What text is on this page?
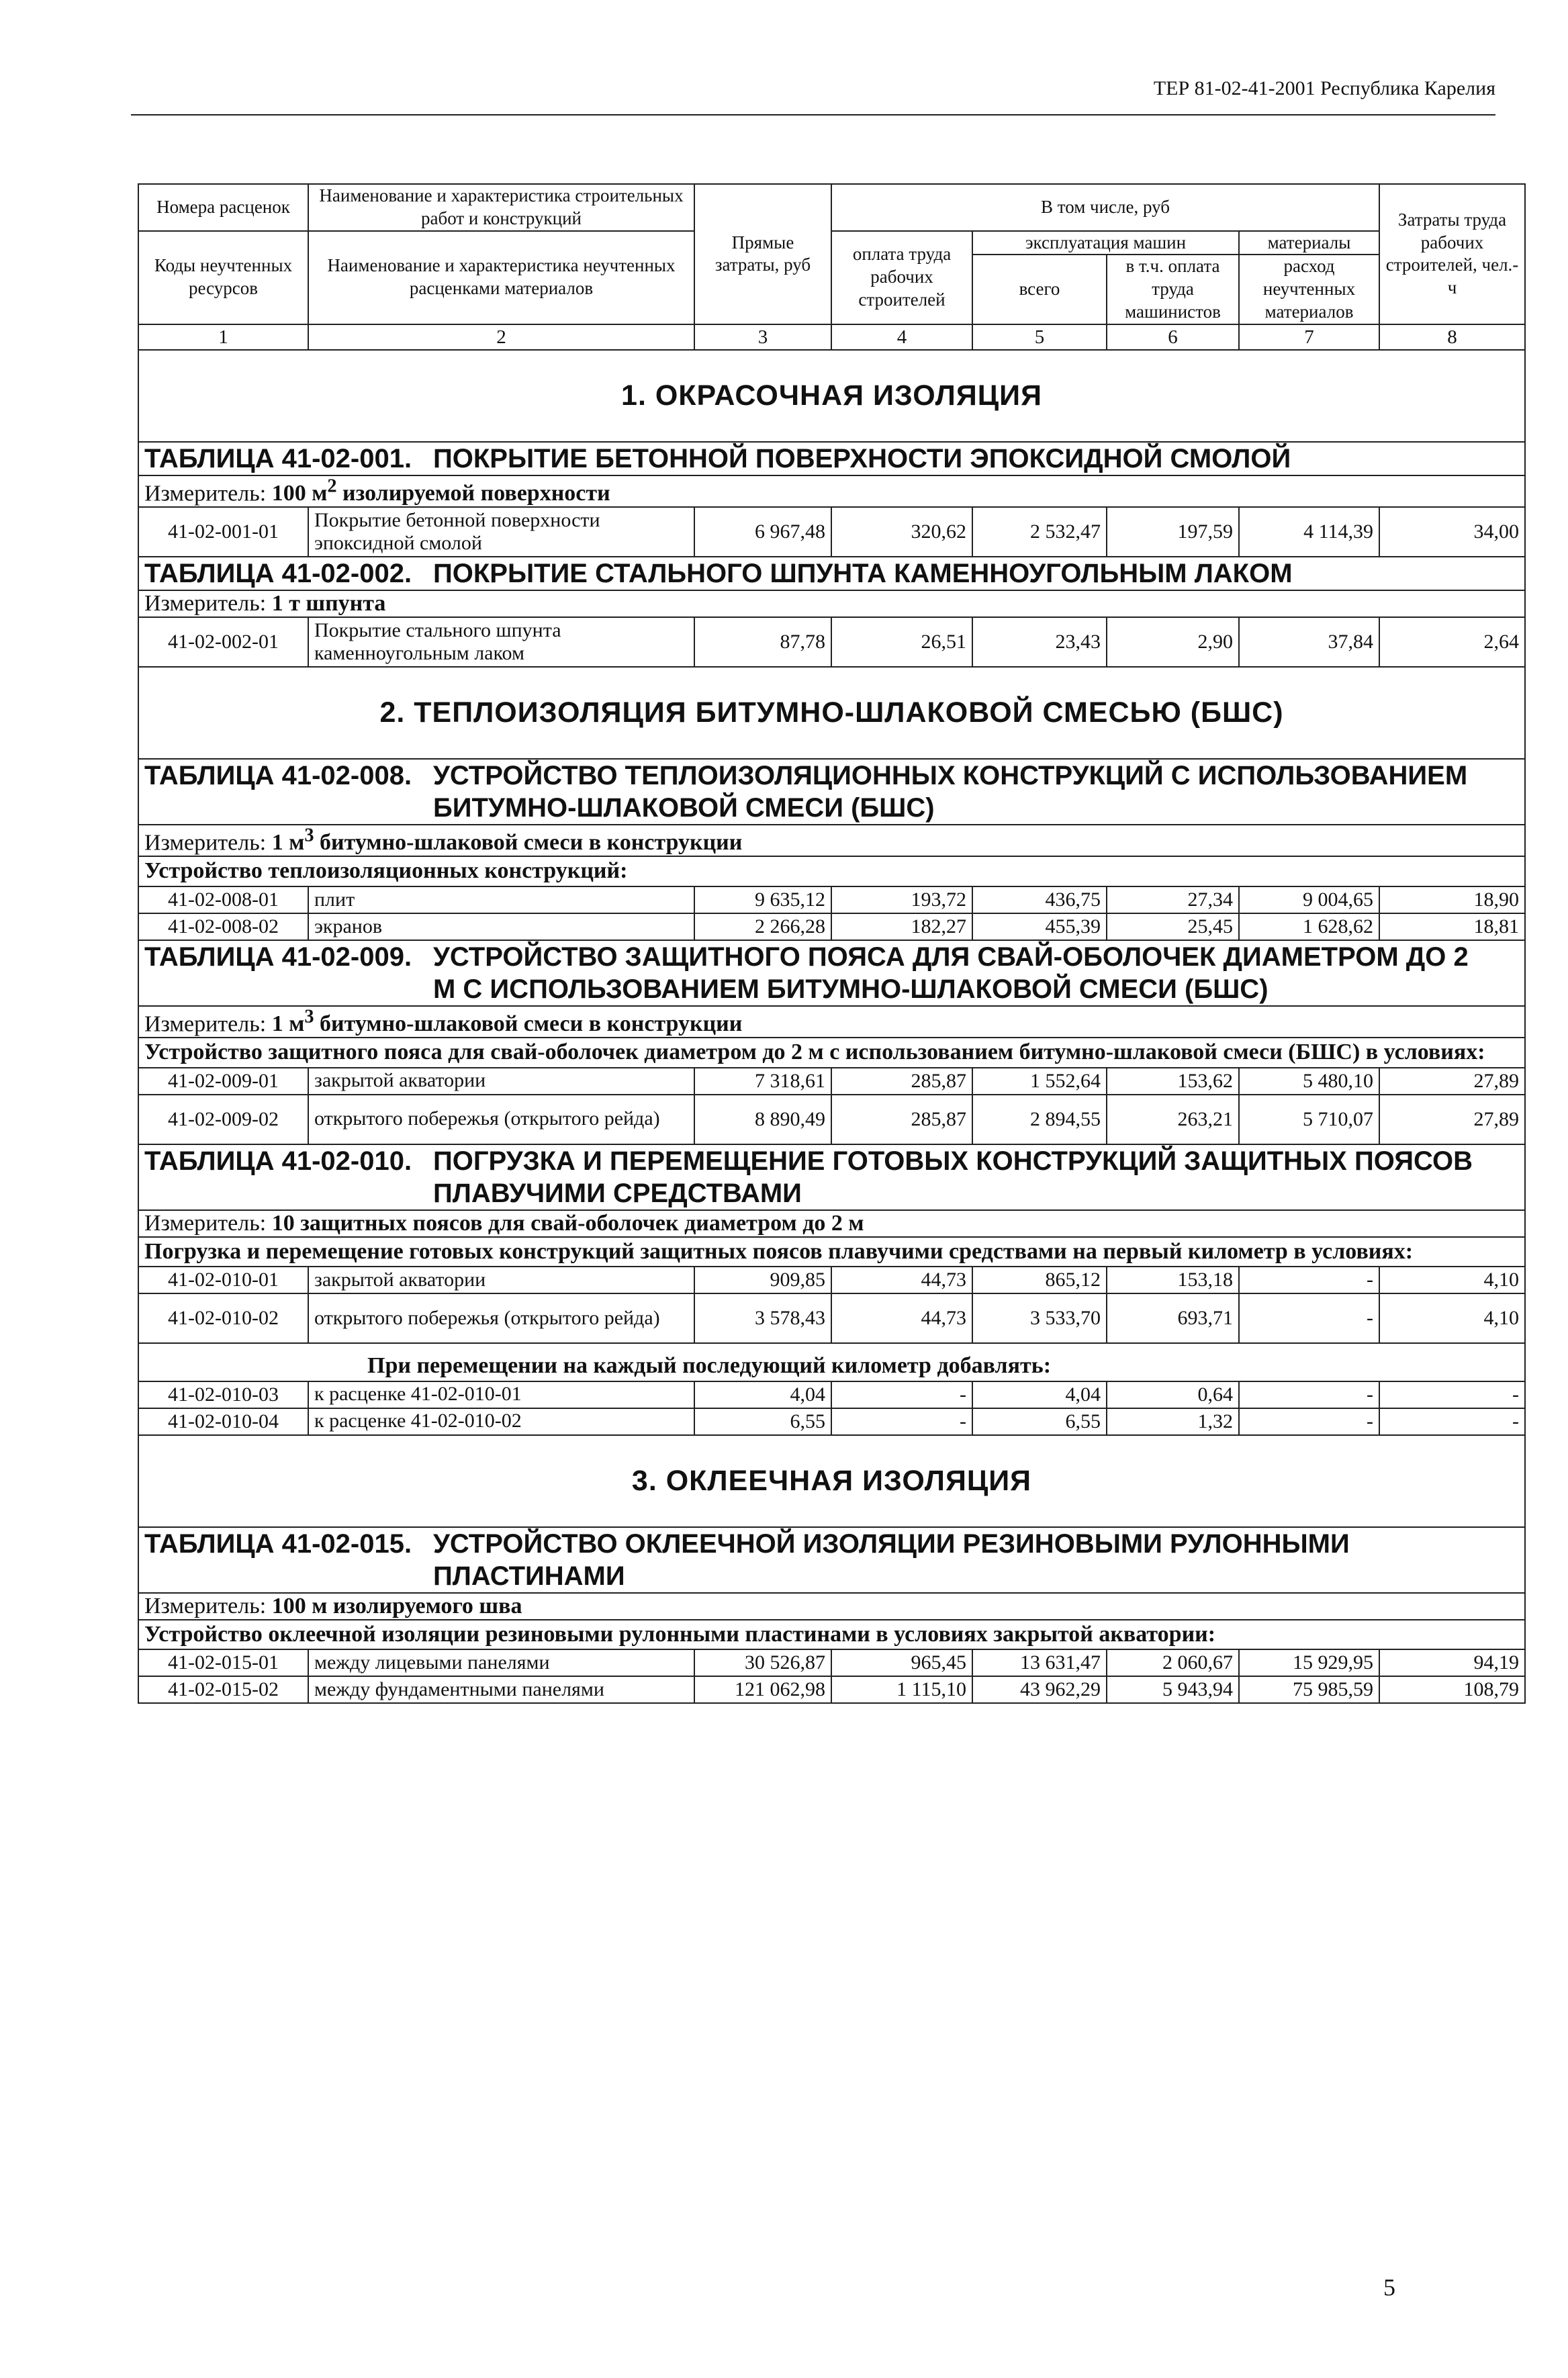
ТЕР 81-02-41-2001 Республика Карелия
Номера расценок	Наименование и характеристика строительных работ и конструкций	Прямые затраты, руб	В том числе, руб				Затраты труда рабочих строителей, чел.-ч
Коды неучтенных ресурсов	Наименование и характеристика неучтенных расценками материалов		оплата труда рабочих строителей	эксплуатация машин		материалы	
				всего	в т.ч. оплата труда машинистов	расход неучтенных материалов	
1	2	3	4	5	6	7	8
1. ОКРАСОЧНАЯ ИЗОЛЯЦИЯ							
ТАБЛИЦА 41-02-001. ПОКРЫТИЕ БЕТОННОЙ ПОВЕРХНОСТИ ЭПОКСИДНОЙ СМОЛОЙ							
Измеритель: 100 $м^2$ изолируемой поверхности							
41-02-001-01	Покрытие бетонной поверхности эпоксидной смолой	6 967,48	320,62	2 532,47	197,59	4 114,39	34,00
ТАБЛИЦА 41-02-002. ПОКРЫТИЕ СТАЛЬНОГО ШПУНТА КАМЕННОУГОЛЬНЫМ ЛАКОМ							
Измеритель: 1 т шпунта							
41-02-002-01	Покрытие стального шпунта каменноугольным лаком	87,78	26,51	23,43	2,90	37,84	2,64
2. ТЕПЛОИЗОЛЯЦИЯ БИТУМНО-ШЛАКОВОЙ СМЕСЬЮ (БШС)							
ТАБЛИЦА 41-02-008. УСТРОЙСТВО ТЕПЛОИЗОЛЯЦИОННЫХ КОНСТРУКЦИЙ С ИСПОЛЬЗОВАНИЕМ БИТУМНО-ШЛАКОВОЙ СМЕСИ (БШС)							
Измеритель: 1 $м^3$ битумно-шлаковой смеси в конструкции							
Устройство теплоизоляционных конструкций:							
41-02-008-01	плит	9 635,12	193,72	436,75	27,34	9 004,65	18,90
41-02-008-02	экранов	2 266,28	182,27	455,39	25,45	1 628,62	18,81
ТАБЛИЦА 41-02-009. УСТРОЙСТВО ЗАЩИТНОГО ПОЯСА ДЛЯ СВАЙ-ОБОЛОЧЕК ДИАМЕТРОМ ДО 2 М С ИСПОЛЬЗОВАНИЕМ БИТУМНО-ШЛАКОВОЙ СМЕСИ (БШС)							
Измеритель: 1 $м^3$ битумно-шлаковой смеси в конструкции							
Устройство защитного пояса для свай-оболочек диаметром до 2 м с использованием битумно-шлаковой смеси (БШС) в условиях:							
41-02-009-01	закрытой акватории	7 318,61	285,87	1 552,64	153,62	5 480,10	27,89
41-02-009-02	открытого побережья (открытого рейда)	8 890,49	285,87	2 894,55	263,21	5 710,07	27,89
ТАБЛИЦА 41-02-010. ПОГРУЗКА И ПЕРЕМЕЩЕНИЕ ГОТОВЫХ КОНСТРУКЦИЙ ЗАЩИТНЫХ ПОЯСОВ ПЛАВУЧИМИ СРЕДСТВАМИ							
Измеритель: 10 защитных поясов для свай-оболочек диаметром до 2 м							
Погрузка и перемещение готовых конструкций защитных поясов плавучими средствами на первый километр в условиях:							
41-02-010-01	закрытой акватории	909,85	44,73	865,12	153,18	-	4,10
41-02-010-02	открытого побережья (открытого рейда)	3 578,43	44,73	3 533,70	693,71	-	4,10
При перемещении на каждый последующий километр добавлять:							
41-02-010-03	к расценке 41-02-010-01	4,04	-	4,04	0,64	-	-
41-02-010-04	к расценке 41-02-010-02	6,55	-	6,55	1,32	-	-
3. ОКЛЕЕЧНАЯ ИЗОЛЯЦИЯ							
ТАБЛИЦА 41-02-015. УСТРОЙСТВО ОКЛЕЕЧНОЙ ИЗОЛЯЦИИ РЕЗИНОВЫМИ РУЛОННЫМИ ПЛАСТИНАМИ							
Измеритель: 100 м изолируемого шва							
Устройство оклеечной изоляции резиновыми рулонными пластинами в условиях закрытой акватории:							
41-02-015-01	между лицевыми панелями	30 526,87	965,45	13 631,47	2 060,67	15 929,95	94,19
41-02-015-02	между фундаментными панелями	121 062,98	1 115,10	43 962,29	5 943,94	75 985,59	108,79
5
